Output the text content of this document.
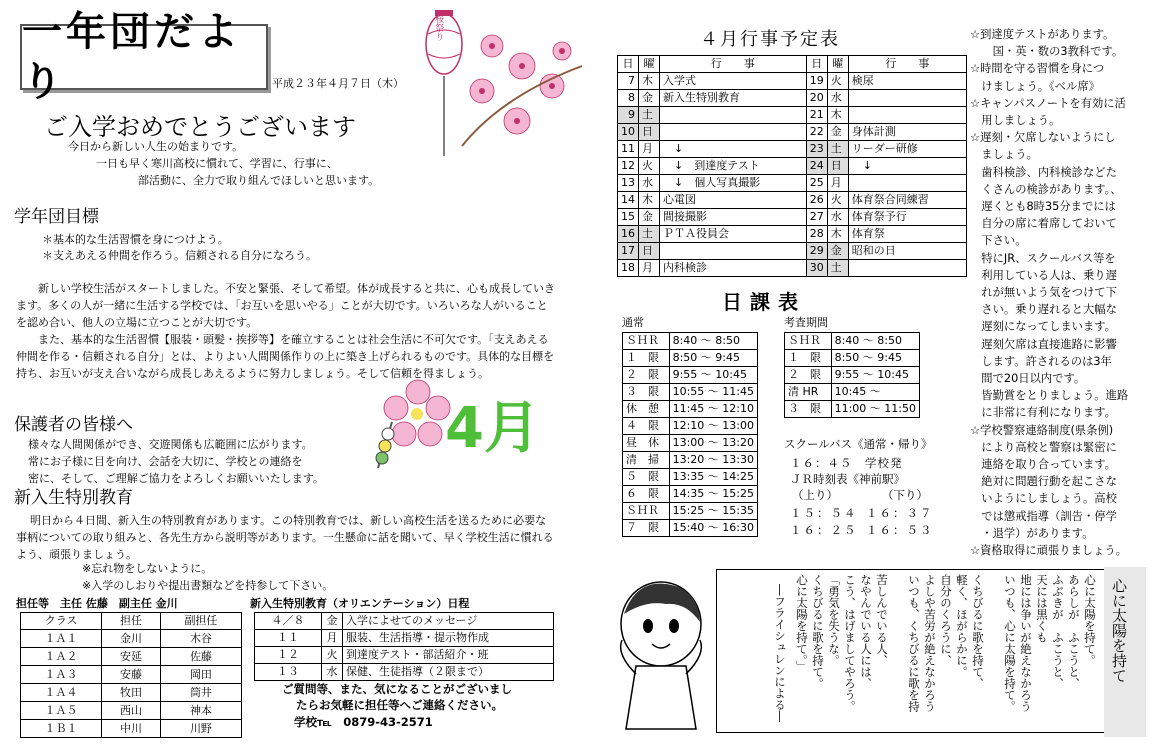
一年団だより	平成２３年４月７日（木）
桜祭り
ご入学おめでとうございます
今日から新しい人生の始まりです。
一日も早く寒川高校に慣れて、学習に、行事に、
部活動に、全力で取り組んでほしいと思います。
学年団目標
＊基本的な生活習慣を身につけよう。
＊支えあえる仲間を作ろう。信頼される自分になろう。

新しい学校生活がスタートしました。不安と緊張、そして希望。体が成長すると共に、心も成長していきます。多くの人が一緒に生活する学校では、「お互いを思いやる」ことが大切です。いろいろな人がいることを認め合い、他人の立場に立つことが大切です。

また、基本的な生活習慣【服装・頭髪・挨拶等】を確立することは社会生活に不可欠です。「支えあえる仲間を作る・信頼される自分」とは、よりよい人間関係作りの上に築き上げられるものです。具体的な目標を持ち、お互いが支え合いながら成長しあえるように努力しましょう。そして信頼を得ましょう。

保護者の皆様へ
様々な人間関係ができ、交遊関係も広範囲に広がります。
常にお子様に目を向け、会話を大切に、学校との連絡を
密に、そして、ご理解ご協力をよろしくお願いいたします。
4月
新入生特別教育

明日から４日間、新入生の特別教育があります。この特別教育では、新しい高校生活を送るために必要な事柄についての取り組みと、各先生方から説明等があります。一生懸命に話を聞いて、早く学校生活に慣れるよう、頑張りましょう。

※忘れ物をしないように。
※入学のしおりや提出書類などを持参して下さい。
担任等　主任 佐藤　副主任 金川
クラス	担任	副担任
１Ａ１	金川	木谷
１Ａ２	安延	佐藤
１Ａ３	安藤	岡田
１Ａ４	牧田	筒井
１Ａ５	西山	神本
１Ｂ１	中川	川野
新入生特別教育（オリエンテーション）日程
４／８	金	入学によせてのメッセージ
１１	月	服装、生活指導・提示物作成
１２	火	到達度テスト・部活紹介・班
１３	水	保健、生徒指導（２限まで）
ご質問等、また、気になることがございまし
たらお気軽に担任等へご連絡ください。
学校℡　0879-43-2571
４月行事予定表
日	曜	行　　事	日	曜	行　　事
7	木	入学式	19	火	検尿
8	金	新入生特別教育	20	水	
9	土		21	木	
10	日		22	金	身体計測
11	月	　↓	23	土	リーダー研修
12	火	　↓　到達度テスト	24	日	　↓
13	水	　↓　個人写真撮影	25	月	
14	木	心電図	26	火	体育祭合同練習
15	金	間接撮影	27	水	体育祭予行
16	土	ＰＴＡ役員会	28	木	体育祭
17	日		29	金	昭和の日
18	月	内科検診	30	土	
日課表
通常
ＳＨＲ	8:40 ～ 8:50
１　限	8:50 ～ 9:45
２　限	9:55 ～ 10:45
３　限	10:55 ～ 11:45
休　憩	11:45 ～ 12:10
４　限	12:10 ～ 13:00
昼　休	13:00 ～ 13:20
清　掃	13:20 ～ 13:30
５　限	13:35 ～ 14:25
６　限	14:35 ～ 15:25
ＳＨＲ	15:25 ～ 15:35
７　限	15:40 ～ 16:30
考査期間
ＳＨＲ	8:40 ～ 8:50
１　限	8:50 ～ 9:45
２　限	9:55 ～ 10:45
清 HR	10:45 ～
３　限	11:00 ～ 11:50
スクールバス《通常・帰り》
１６：４５　学校発
ＪＲ時刻表《神前駅》
（上り）	（下り）
１５：５４ １６：３７
１６：２５ １６：５３
☆到達度テストがあります。
　　国・英・数の3教科です。
☆時間を守る習慣を身につ
　けましょう。《ベル席》
☆キャンパスノートを有効に活
　用しましょう。
☆遅刻・欠席しないようにし
　ましょう。
　歯科検診、内科検診などた
　くさんの検診があります。、
　遅くとも8時35分までには
　自分の席に着席しておいて
　下さい。
　特にJR、スクールバス等を
　利用している人は、乗り遅
　れが無いよう気をつけて下
　さい。乗り遅れると大幅な
　遅刻になってしまいます。
　遅刻欠席は直接進路に影響
　します。許されるのは3年
　間で20日以内です。
　皆勤賞をとりましょう。進路
　に非常に有利になります。
☆学校警察連絡制度(県条例)
　により高校と警察は緊密に
　連絡を取り合っています。
　絶対に問題行動を起こさな
　いようにしましょう。高校
　では懲戒指導（訓告・停学
　・退学）があります。
☆資格取得に頑張りましょう。
心に太陽を持て
心に太陽を持て。
あらしが　ふこうと、
ふぶきが　ふこうと、
天には黒くも
地には争いが絶えなかろう
いつも、心に太陽を持て。
くちびるに歌を持て、
軽く、ほがらかに。
自分のくろうに、
よしや苦労が絶えなかろう
いつも、くちびるに歌を持
苦しんでいる人、
なやんでいる人には、
こう、はげましてやろう。
「勇気を失うな。
くちびるに歌を持て。
心に太陽を持て。」
―フライシュレンによる―
